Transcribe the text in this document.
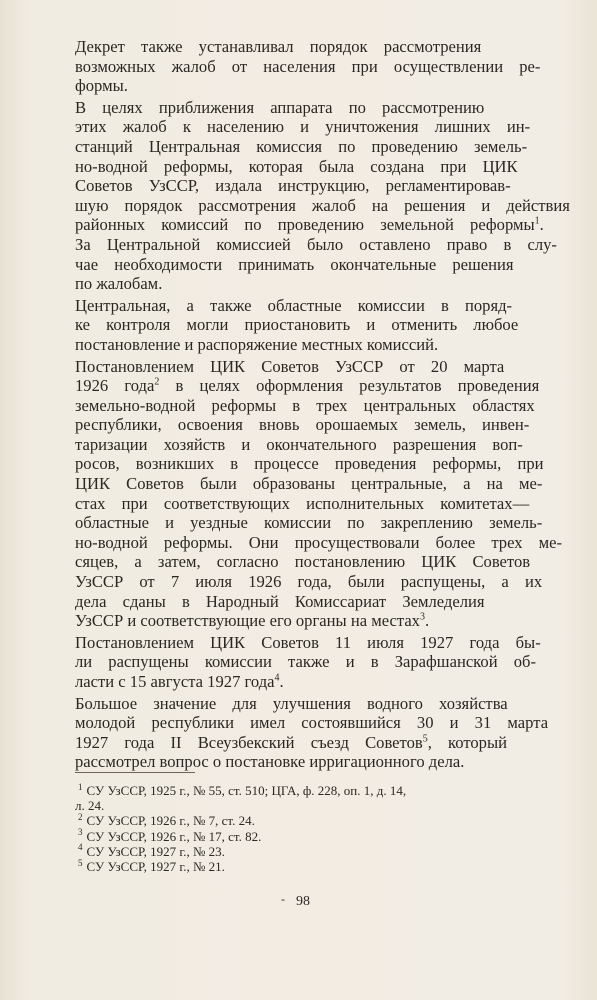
Декрет также устанавливал порядок рассмотрения
возможных жалоб от населения при осуществлении ре-
формы.

В целях приближения аппарата по рассмотрению
этих жалоб к населению и уничтожения лишних ин-
станций Центральная комиссия по проведению земель-
но-водной реформы, которая была создана при ЦИК
Советов УзССР, издала инструкцию, регламентировав-
шую порядок рассмотрения жалоб на решения и действия
районных комиссий по проведению земельной реформы$^1$.
За Центральной комиссией было оставлено право в слу-
чае необходимости принимать окончательные решения
по жалобам.

Центральная, а также областные комиссии в поряд-
ке контроля могли приостановить и отменить любое
постановление и распоряжение местных комиссий.

Постановлением ЦИК Советов УзССР от 20 марта
1926 года$^2$ в целях оформления результатов проведения
земельно-водной реформы в трех центральных областях
республики, освоения вновь орошаемых земель, инвен-
таризации хозяйств и окончательного разрешения воп-
росов, возникших в процессе проведения реформы, при
ЦИК Советов были образованы центральные, а на ме-
стах при соответствующих исполнительных комитетах—
областные и уездные комиссии по закреплению земель-
но-водной реформы. Они просуществовали более трех ме-
сяцев, а затем, согласно постановлению ЦИК Советов
УзССР от 7 июля 1926 года, были распущены, а их
дела сданы в Народный Комиссариат Земледелия
УзССР и соответствующие его органы на местах$^3$.

Постановлением ЦИК Советов 11 июля 1927 года бы-
ли распущены комиссии также и в Зарафшанской об-
ласти с 15 августа 1927 года$^4$.

Большое значение для улучшения водного хозяйства
молодой республики имел состоявшийся 30 и 31 марта
1927 года II Всеузбекский съезд Советов$^5$, который
рассмотрел вопрос о постановке ирригационного дела.

$^1$ СУ УзССР, 1925 г., № 55, ст. 510; ЦГА, ф. 228, оп. 1, д. 14,

л. 24.

$^2$ СУ УзССР, 1926 г., № 7, ст. 24.

$^3$ СУ УзССР, 1926 г., № 17, ст. 82.

$^4$ СУ УзССР, 1927 г., № 23.

$^5$ СУ УзССР, 1927 г., № 21.

- 98
